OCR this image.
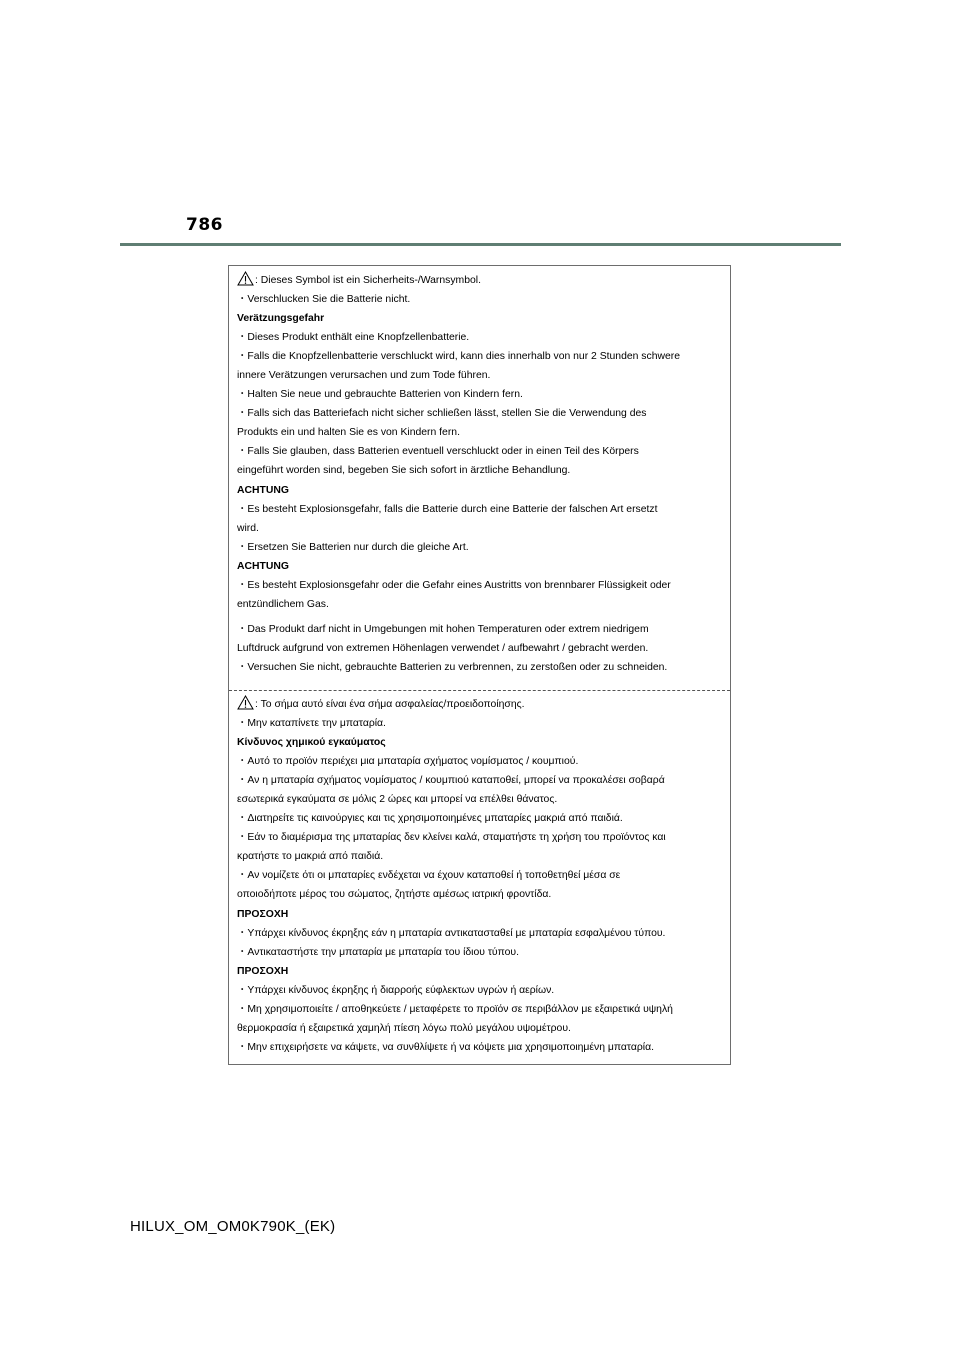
786
: Dieses Symbol ist ein Sicherheits-/Warnsymbol.
・Verschlucken Sie die Batterie nicht.
Verätzungsgefahr
・Dieses Produkt enthält eine Knopfzellenbatterie.
・Falls die Knopfzellenbatterie verschluckt wird, kann dies innerhalb von nur 2 Stunden schwere
innere Verätzungen verursachen und zum Tode führen.
・Halten Sie neue und gebrauchte Batterien von Kindern fern.
・Falls sich das Batteriefach nicht sicher schließen lässt, stellen Sie die Verwendung des
Produkts ein und halten Sie es von Kindern fern.
・Falls Sie glauben, dass Batterien eventuell verschluckt oder in einen Teil des Körpers
eingeführt worden sind, begeben Sie sich sofort in ärztliche Behandlung.
ACHTUNG
・Es besteht Explosionsgefahr, falls die Batterie durch eine Batterie der falschen Art ersetzt
wird.
・Ersetzen Sie Batterien nur durch die gleiche Art.
ACHTUNG
・Es besteht Explosionsgefahr oder die Gefahr eines Austritts von brennbarer Flüssigkeit oder
entzündlichem Gas.
・Das Produkt darf nicht in Umgebungen mit hohen Temperaturen oder extrem niedrigem
Luftdruck aufgrund von extremen Höhenlagen verwendet / aufbewahrt / gebracht werden.
・Versuchen Sie nicht, gebrauchte Batterien zu verbrennen, zu zerstoßen oder zu schneiden.
: Το σήμα αυτό είναι ένα σήμα ασφαλείας/προειδοποίησης.
・Μην καταπίνετε την μπαταρία.
Κίνδυνος χημικού εγκαύματος
・Αυτό το προϊόν περιέχει μια μπαταρία σχήματος νομίσματος / κουμπιού.
・Αν η μπαταρία σχήματος νομίσματος / κουμπιού καταποθεί, μπορεί να προκαλέσει σοβαρά
εσωτερικά εγκαύματα σε μόλις 2 ώρες και μπορεί να επέλθει θάνατος.
・Διατηρείτε τις καινούργιες και τις χρησιμοποιημένες μπαταρίες μακριά από παιδιά.
・Εάν το διαμέρισμα της μπαταρίας δεν κλείνει καλά, σταματήστε τη χρήση του προϊόντος και
κρατήστε το μακριά από παιδιά.
・Αν νομίζετε ότι οι μπαταρίες ενδέχεται να έχουν καταποθεί ή τοποθετηθεί μέσα σε
οποιοδήποτε μέρος του σώματος, ζητήστε αμέσως ιατρική φροντίδα.
ΠΡΟΣΟΧΗ
・Υπάρχει κίνδυνος έκρηξης εάν η μπαταρία αντικατασταθεί με μπαταρία εσφαλμένου τύπου.
・Αντικαταστήστε την μπαταρία με μπαταρία του ίδιου τύπου.
ΠΡΟΣΟΧΗ
・Υπάρχει κίνδυνος έκρηξης ή διαρροής εύφλεκτων υγρών ή αερίων.
・Μη χρησιμοποιείτε / αποθηκεύετε / μεταφέρετε το προϊόν σε περιβάλλον με εξαιρετικά υψηλή
θερμοκρασία ή εξαιρετικά χαμηλή πίεση λόγω πολύ μεγάλου υψομέτρου.
・Μην επιχειρήσετε να κάψετε, να συνθλίψετε ή να κόψετε μια χρησιμοποιημένη μπαταρία.
HILUX_OM_OM0K790K_(EK)
